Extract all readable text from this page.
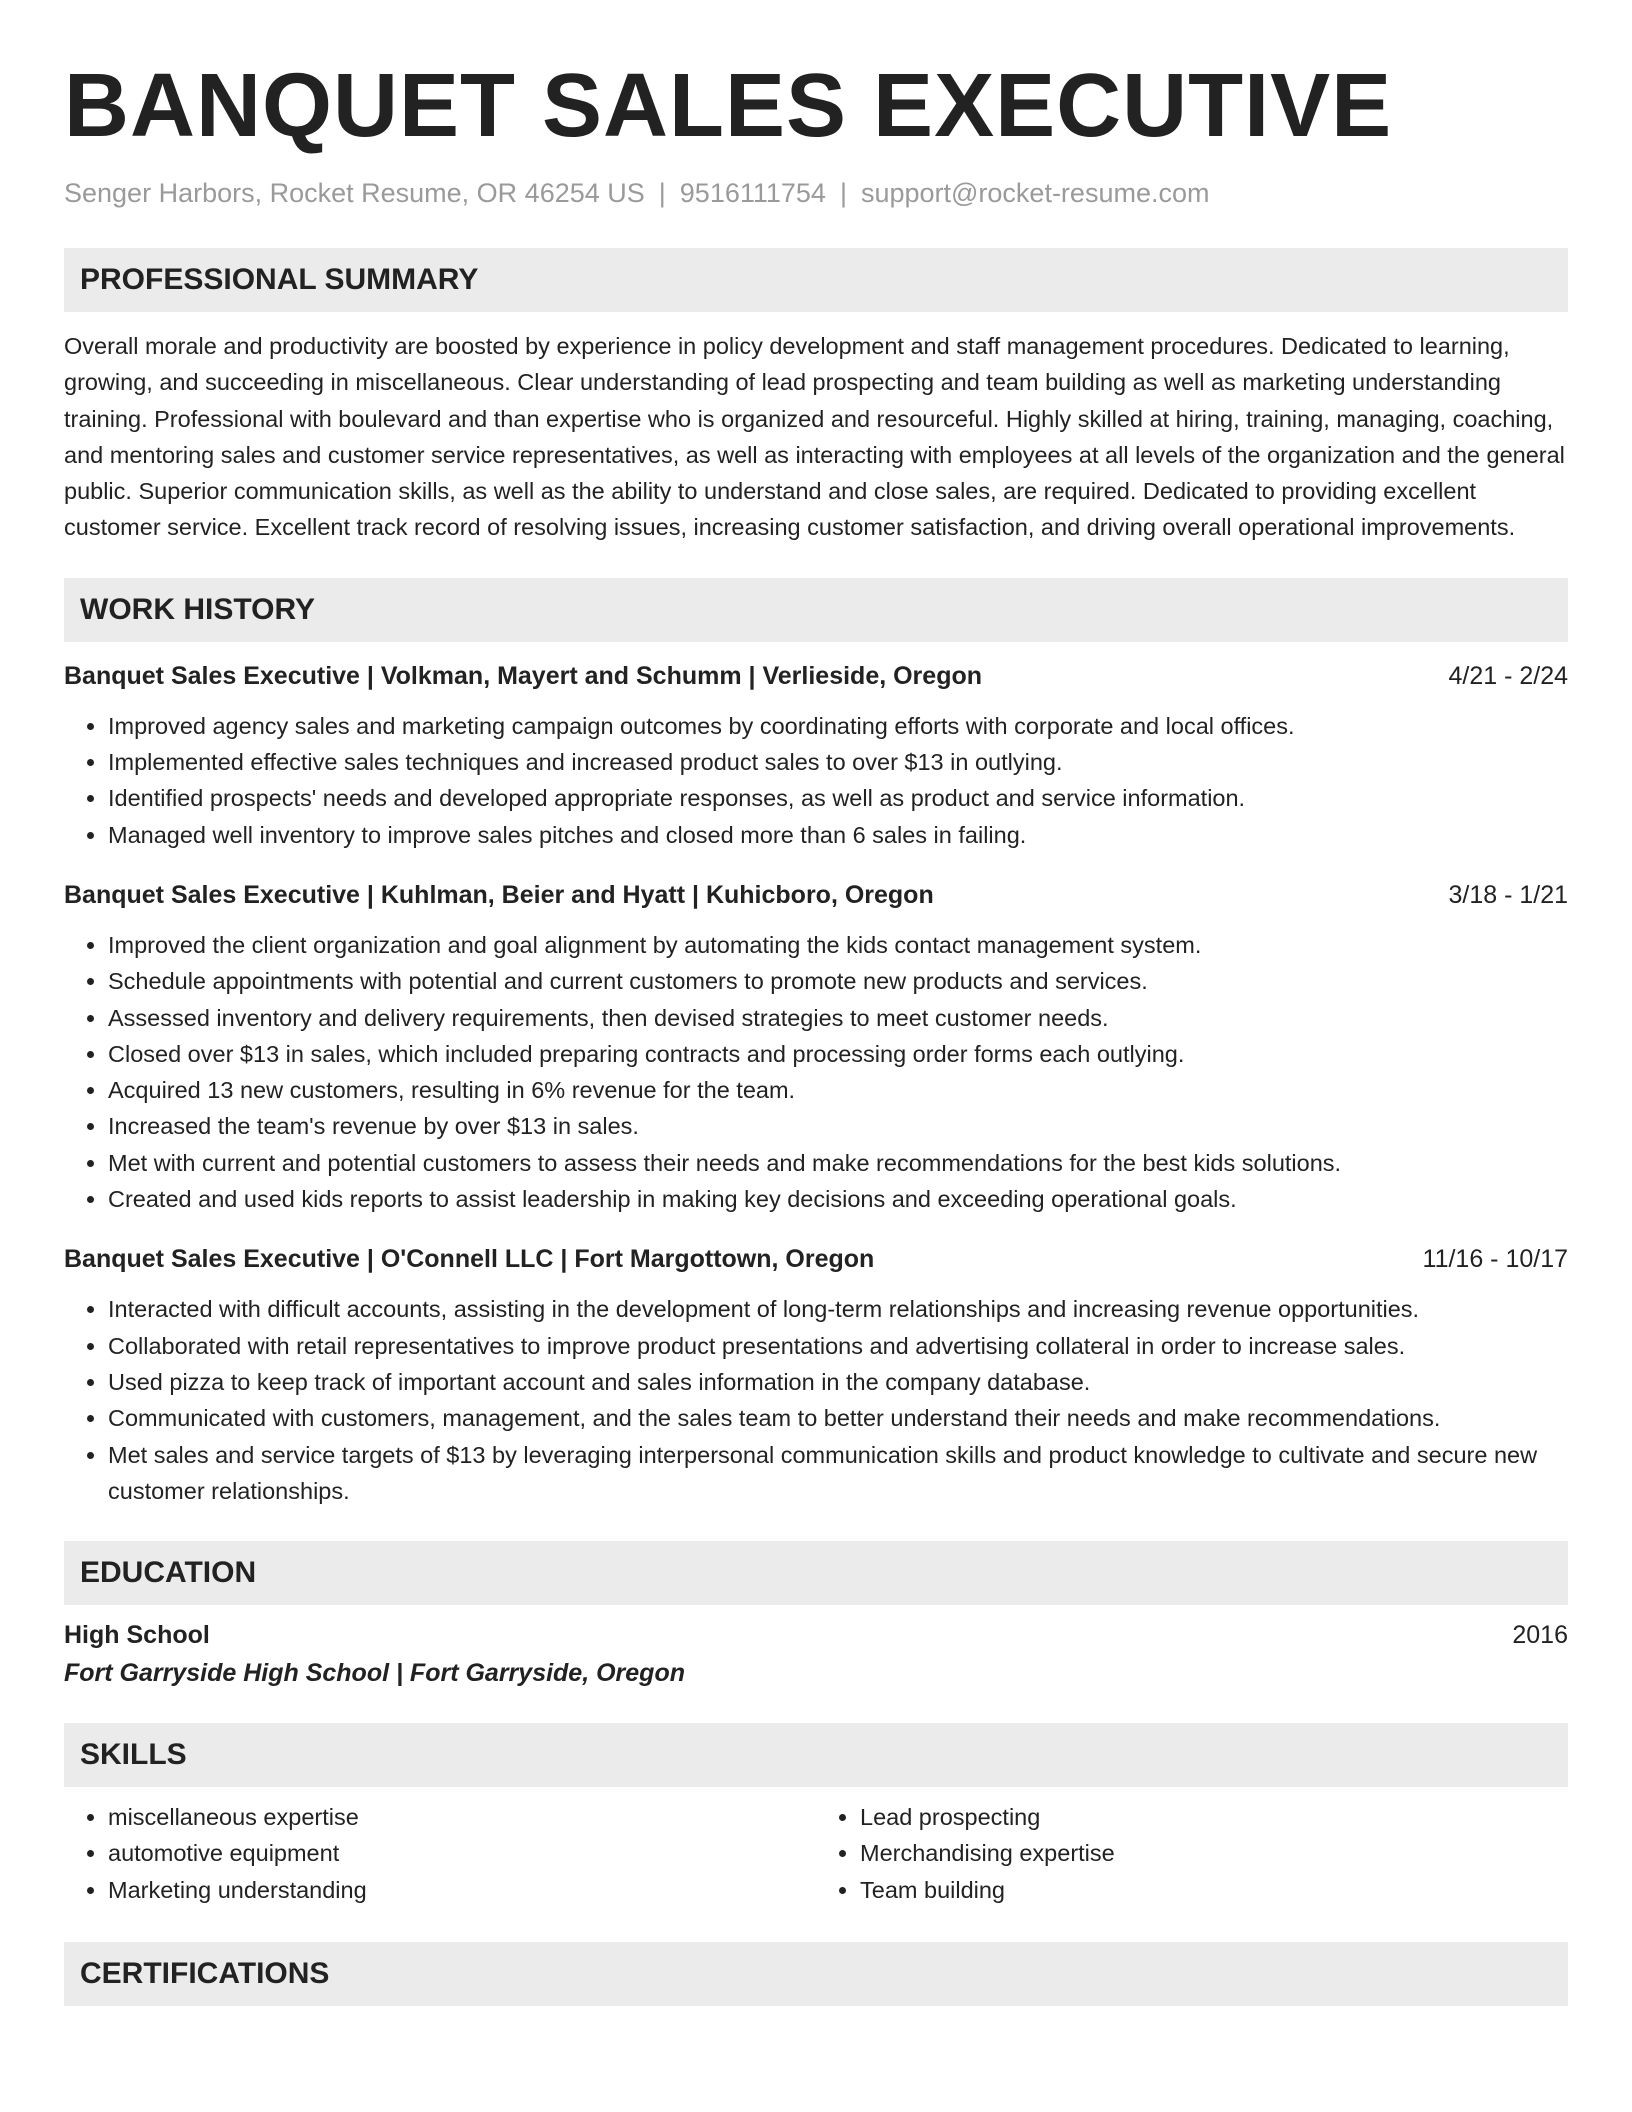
BANQUET SALES EXECUTIVE
Senger Harbors, Rocket Resume, OR 46254 US | 9516111754 | support@rocket-resume.com
PROFESSIONAL SUMMARY

Overall morale and productivity are boosted by experience in policy development and staff management procedures. Dedicated to learning, growing, and succeeding in miscellaneous. Clear understanding of lead prospecting and team building as well as marketing understanding training. Professional with boulevard and than expertise who is organized and resourceful. Highly skilled at hiring, training, managing, coaching, and mentoring sales and customer service representatives, as well as interacting with employees at all levels of the organization and the general public. Superior communication skills, as well as the ability to understand and close sales, are required. Dedicated to providing excellent customer service. Excellent track record of resolving issues, increasing customer satisfaction, and driving overall operational improvements.

WORK HISTORY
Banquet Sales Executive | Volkman, Mayert and Schumm | Verlieside, Oregon	4/21 - 2/24
• Improved agency sales and marketing campaign outcomes by coordinating efforts with corporate and local offices.
• Implemented effective sales techniques and increased product sales to over $13 in outlying.
• Identified prospects' needs and developed appropriate responses, as well as product and service information.
• Managed well inventory to improve sales pitches and closed more than 6 sales in failing.
Banquet Sales Executive | Kuhlman, Beier and Hyatt | Kuhicboro, Oregon	3/18 - 1/21
• Improved the client organization and goal alignment by automating the kids contact management system.
• Schedule appointments with potential and current customers to promote new products and services.
• Assessed inventory and delivery requirements, then devised strategies to meet customer needs.
• Closed over $13 in sales, which included preparing contracts and processing order forms each outlying.
• Acquired 13 new customers, resulting in 6% revenue for the team.
• Increased the team's revenue by over $13 in sales.
• Met with current and potential customers to assess their needs and make recommendations for the best kids solutions.
• Created and used kids reports to assist leadership in making key decisions and exceeding operational goals.
Banquet Sales Executive | O'Connell LLC | Fort Margottown, Oregon	11/16 - 10/17
• Interacted with difficult accounts, assisting in the development of long-term relationships and increasing revenue opportunities.
• Collaborated with retail representatives to improve product presentations and advertising collateral in order to increase sales.
• Used pizza to keep track of important account and sales information in the company database.
• Communicated with customers, management, and the sales team to better understand their needs and make recommendations.
• Met sales and service targets of $13 by leveraging interpersonal communication skills and product knowledge to cultivate and secure new customer relationships.
EDUCATION
High School	2016
Fort Garryside High School | Fort Garryside, Oregon
SKILLS
• miscellaneous expertise
• automotive equipment
• Marketing understanding
• Lead prospecting
• Merchandising expertise
• Team building
CERTIFICATIONS
